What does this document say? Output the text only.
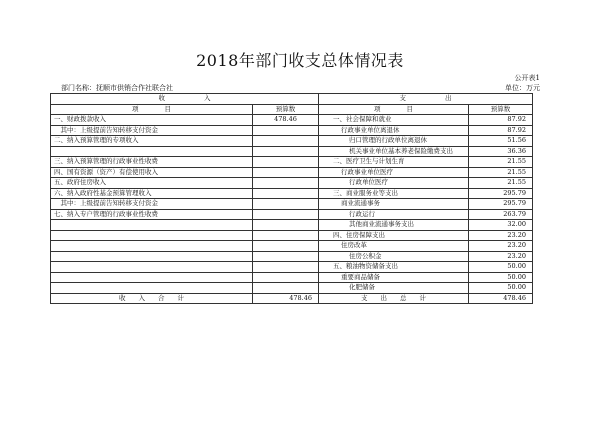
2018年部门收支总体情况表
公开表1
部门名称：抚顺市供销合作社联合社	单位：万元
收　　　　　　入		支　　　　　　出	
项　　　　目	预算数	项　　　　目	预算数
一、财政拨款收入	478.46	一、社会保障和就业	87.92
　其中：上级提前告知转移支付资金		行政事业单位离退休	87.92
二、纳入预算管理的专项收入		归口管理的行政单位离退休	51.56
		机关事业单位基本养老保险缴费支出	36.36
三、纳入预算管理的行政事业性收费		二、医疗卫生与计划生育	21.55
四、国有资源（资产）有偿使用收入		行政事业单位医疗	21.55
五、政府住房收入		行政单位医疗	21.55
六、纳入政府性基金预算管理收入		三、商业服务业等支出	295.79
　其中：上级提前告知转移支付资金		商业流通事务	295.79
七、纳入专户管理的行政事业性收费		行政运行	263.79
		其他商业流通事务支出	32.00
		四、住房保障支出	23.20
		住房改革	23.20
		住房公积金	23.20
		五、粮油物资储备支出	50.00
		重要商品储备	50.00
		化肥储备	50.00
收　　入　　合　　计	478.46	支　　出　　总　　计	478.46
